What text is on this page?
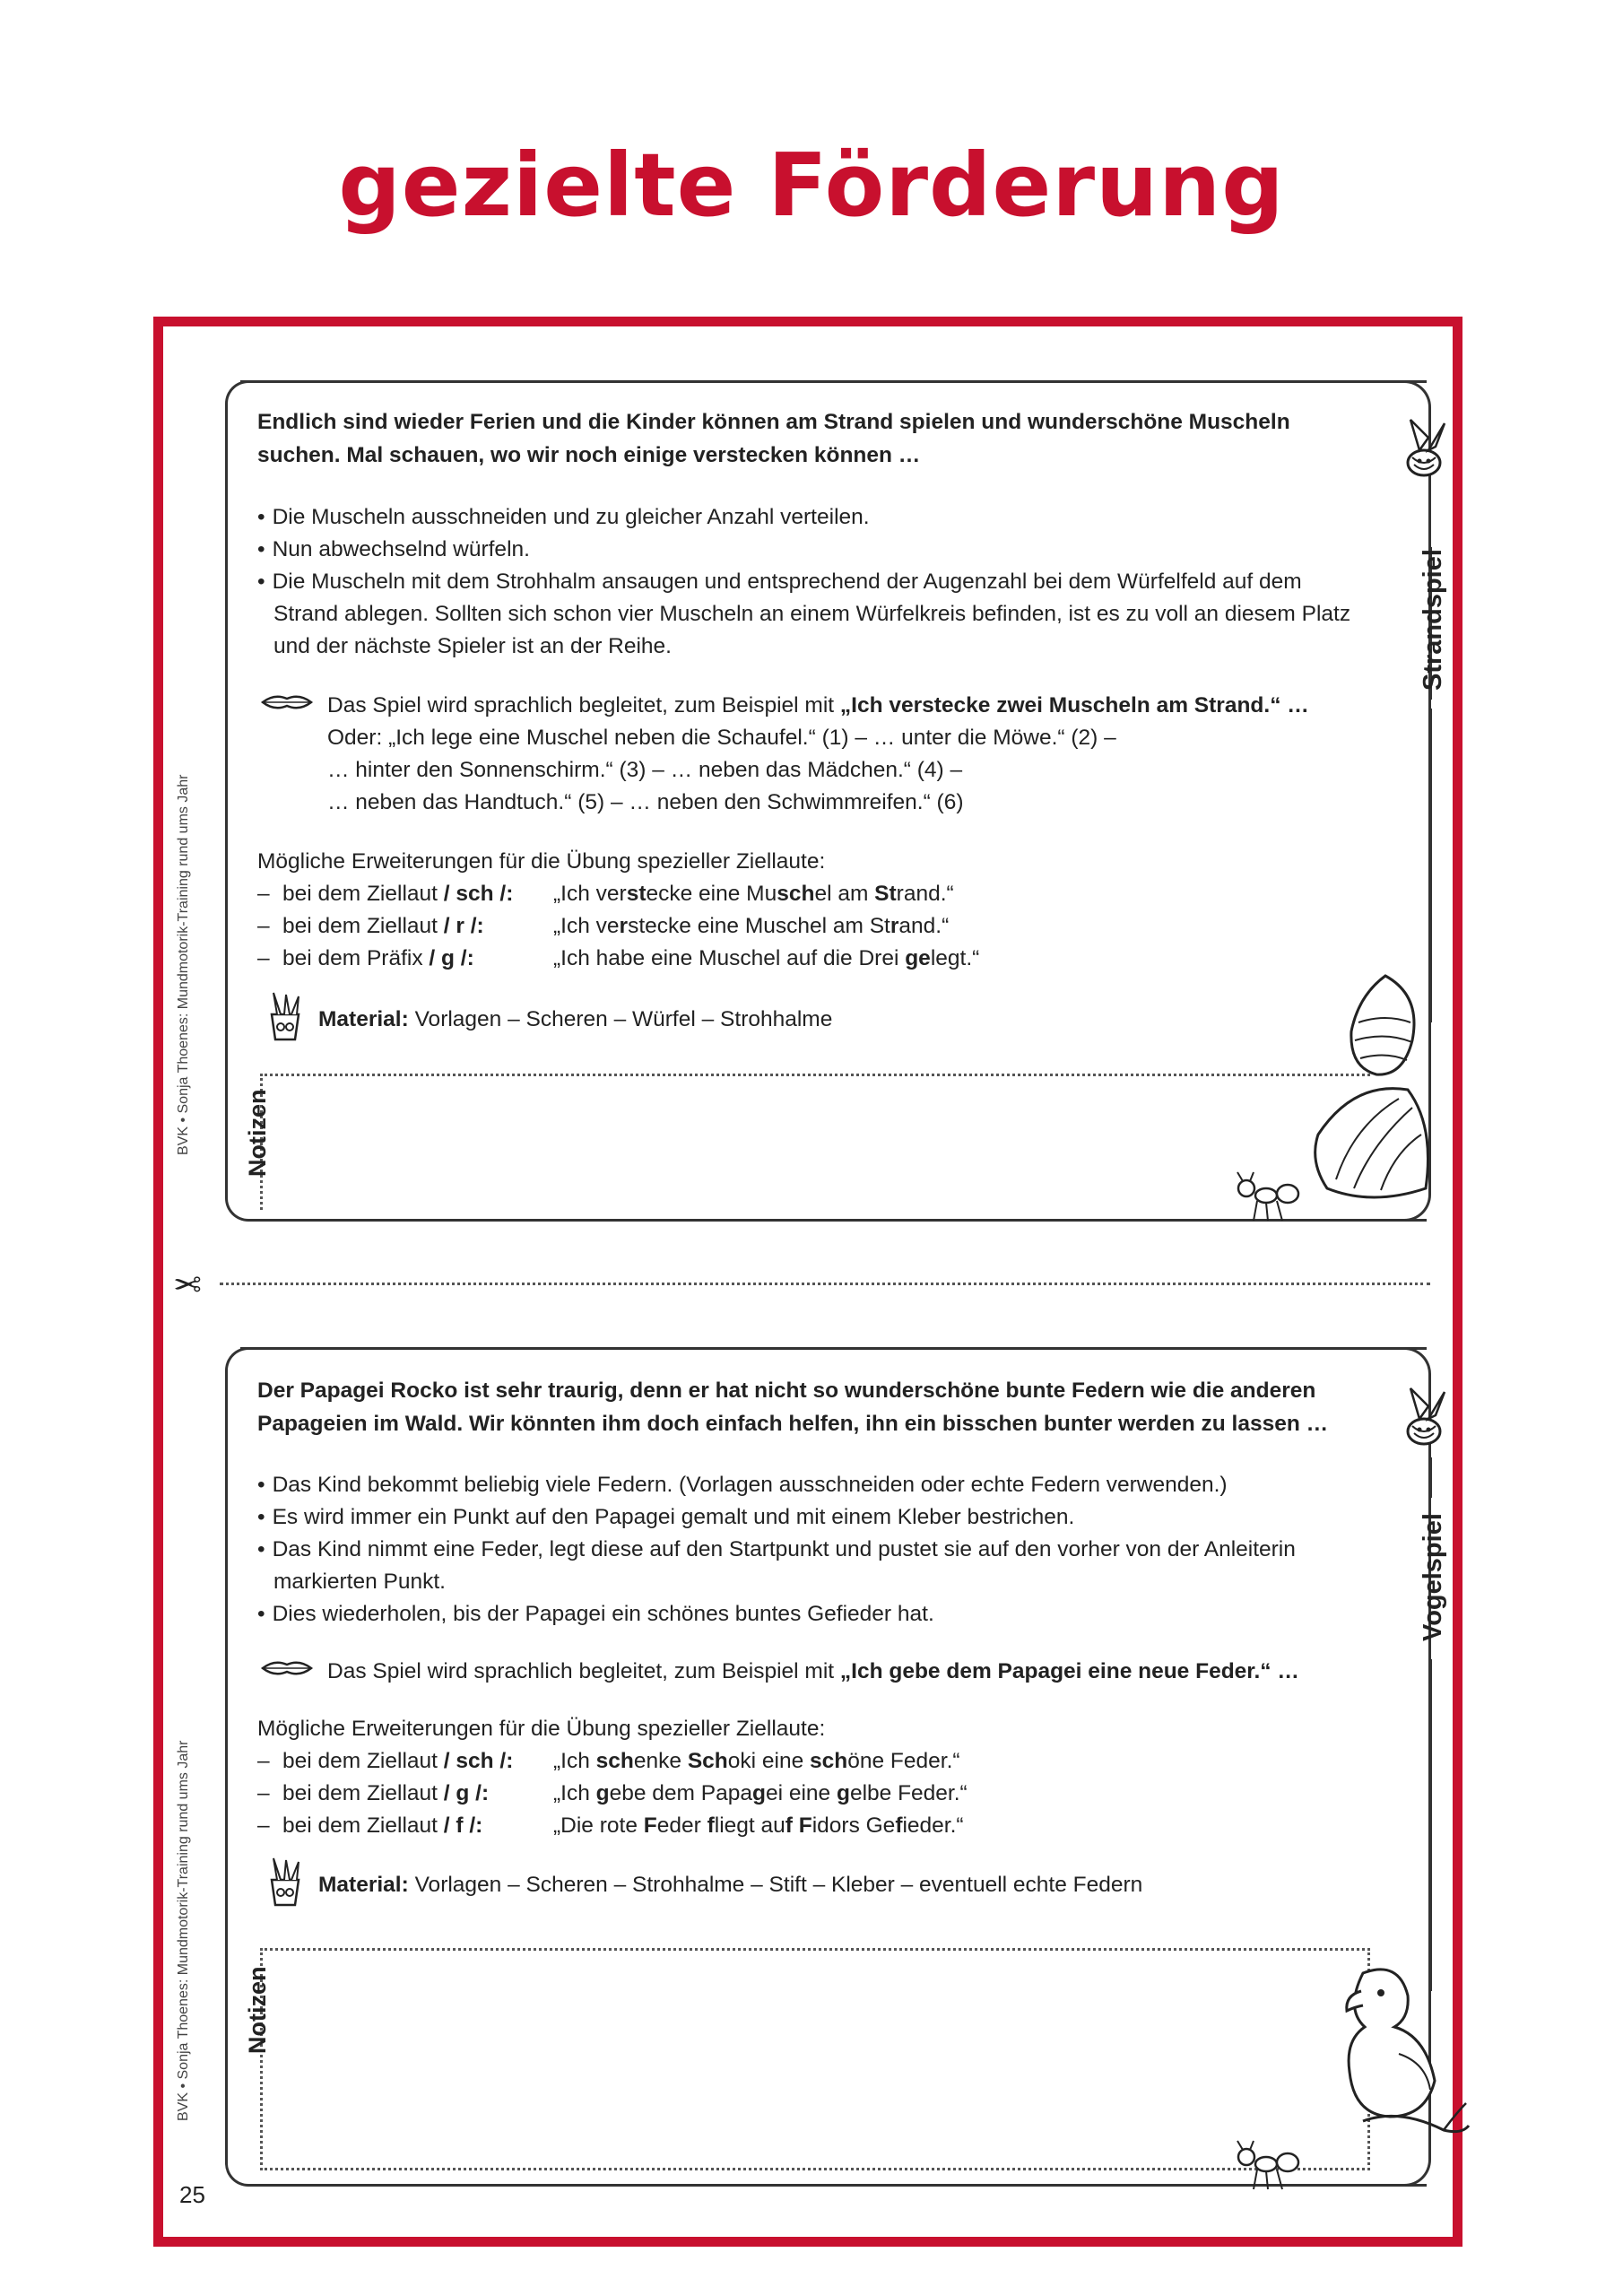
gezielte Förderung
BVK • Sonja Thoenes: Mundmotorik-Training rund ums Jahr
BVK • Sonja Thoenes: Mundmotorik-Training rund ums Jahr
25
✂
Strandspiel
Endlich sind wieder Ferien und die Kinder können am Strand spielen und wunderschöne Muscheln suchen. Mal schauen, wo wir noch einige verstecken können …
• Die Muscheln ausschneiden und zu gleicher Anzahl verteilen.
• Nun abwechselnd würfeln.
• Die Muscheln mit dem Strohhalm ansaugen und entsprechend der Augenzahl bei dem Würfelfeld auf dem Strand ablegen. Sollten sich schon vier Muscheln an einem Würfelkreis befinden, ist es zu voll an diesem Platz und der nächste Spieler ist an der Reihe.
Das Spiel wird sprachlich begleitet, zum Beispiel mit „Ich verstecke zwei Muscheln am Strand.“ …
Oder: „Ich lege eine Muschel neben die Schaufel.“ (1) – … unter die Möwe.“ (2) –
… hinter den Sonnenschirm.“ (3) – … neben das Mädchen.“ (4) –
… neben das Handtuch.“ (5) – … neben den Schwimmreifen.“ (6)
Mögliche Erweiterungen für die Übung spezieller Ziellaute:
– bei dem Ziellaut / sch /:	„Ich verstecke eine Muschel am Strand.“
– bei dem Ziellaut / r /:	„Ich verstecke eine Muschel am Strand.“
– bei dem Präfix / g /:	„Ich habe eine Muschel auf die Drei gelegt.“
Material: Vorlagen – Scheren – Würfel – Strohhalme
Notizen
Vogelspiel
Der Papagei Rocko ist sehr traurig, denn er hat nicht so wunderschöne bunte Federn wie die anderen Papageien im Wald. Wir könnten ihm doch einfach helfen, ihn ein bisschen bunter werden zu lassen …
• Das Kind bekommt beliebig viele Federn. (Vorlagen ausschneiden oder echte Federn verwenden.)
• Es wird immer ein Punkt auf den Papagei gemalt und mit einem Kleber bestrichen.
• Das Kind nimmt eine Feder, legt diese auf den Startpunkt und pustet sie auf den vorher von der Anleiterin markierten Punkt.
• Dies wiederholen, bis der Papagei ein schönes buntes Gefieder hat.
Das Spiel wird sprachlich begleitet, zum Beispiel mit „Ich gebe dem Papagei eine neue Feder.“ …
Mögliche Erweiterungen für die Übung spezieller Ziellaute:
– bei dem Ziellaut / sch /:	„Ich schenke Schoki eine schöne Feder.“
– bei dem Ziellaut / g /:	„Ich gebe dem Papagei eine gelbe Feder.“
– bei dem Ziellaut / f /:	„Die rote Feder fliegt auf Fidors Gefieder.“
Material: Vorlagen – Scheren – Strohhalme – Stift – Kleber – eventuell echte Federn
Notizen
